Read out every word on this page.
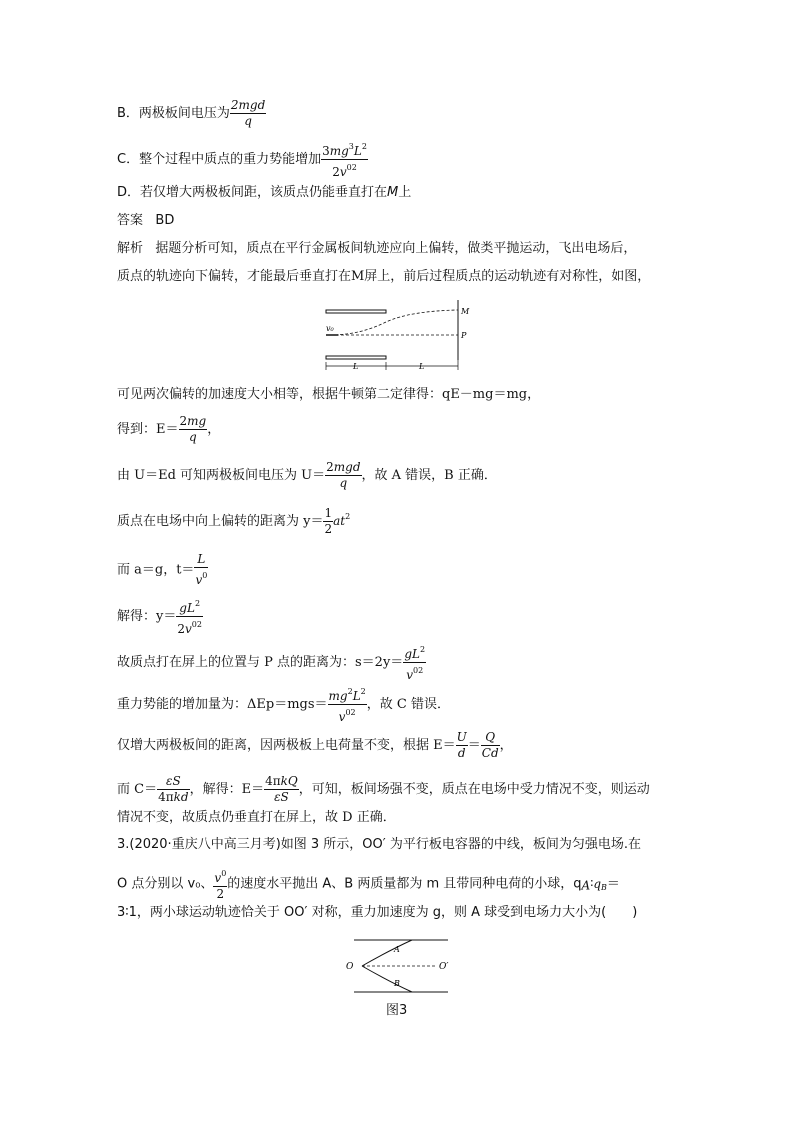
B．两极板间电压为 $\frac{\text{2mgd}}{q}$
C．整个过程中质点的重力势能增加 $\frac{3mg^3L^2}{2v^{02}}$
D．若仅增大两极板间距，该质点仍能垂直打在M上
答案 BD
解析 据题分析可知，质点在平行金属板间轨迹应向上偏转，做类平抛运动，飞出电场后，
质点的轨迹向下偏转，才能最后垂直打在M屏上，前后过程质点的运动轨迹有对称性，如图，
v₀
M
P
L	L
可见两次偏转的加速度大小相等，根据牛顿第二定律得：qE－mg＝mg，
得到：$E= \frac{2mg}{q}$ ，
由 U＝Ed 可知两极板间电压为 $U= \frac{\text{2mgd}}{q}$ ，故 A 错误，B 正确．
质点在电场中向上偏转的距离为 $y= \frac{1}{2} at^2$
而 a＝g，$t= \frac{L}{v^0}$
解得：$y= \frac{gL^2}{2v^{02}}$
故质点打在屏上的位置与 P 点的距离为：$s=2y= \frac{gL^2}{v^{02}}$
重力势能的增加量为：$\Delta Ep=mgs= \frac{mg^2L^2}{v^{02}}$ ，故 C 错误．
仅增大两极板间的距离，因两极板上电荷量不变，根据 $E= \frac{U}{d} = \frac{Q}{Cd}$ ，
而 $C= \frac{\varepsilon S}{\text{4πkd}}$ ，解得：$E= \frac{\text{4πkQ}}{\varepsilon S}$ ，可知，板间场强不变，质点在电场中受力情况不变，则运动
情况不变，故质点仍垂直打在屏上，故 D 正确．
3.(2020·重庆八中高三月考)如图 3 所示，OO′ 为平行板电容器的中线，板间为匀强电场.在
O 点分别以 v₀、 $\frac{v^0}{2}$ 的速度水平抛出 A、B 两质量都为 m 且带同种电荷的小球，$q_A∶q_B=$
3∶1，两小球运动轨迹恰关于 OO′ 对称，重力加速度为 g，则 A 球受到电场力大小为(　　)
O	O′
A
B
图3
